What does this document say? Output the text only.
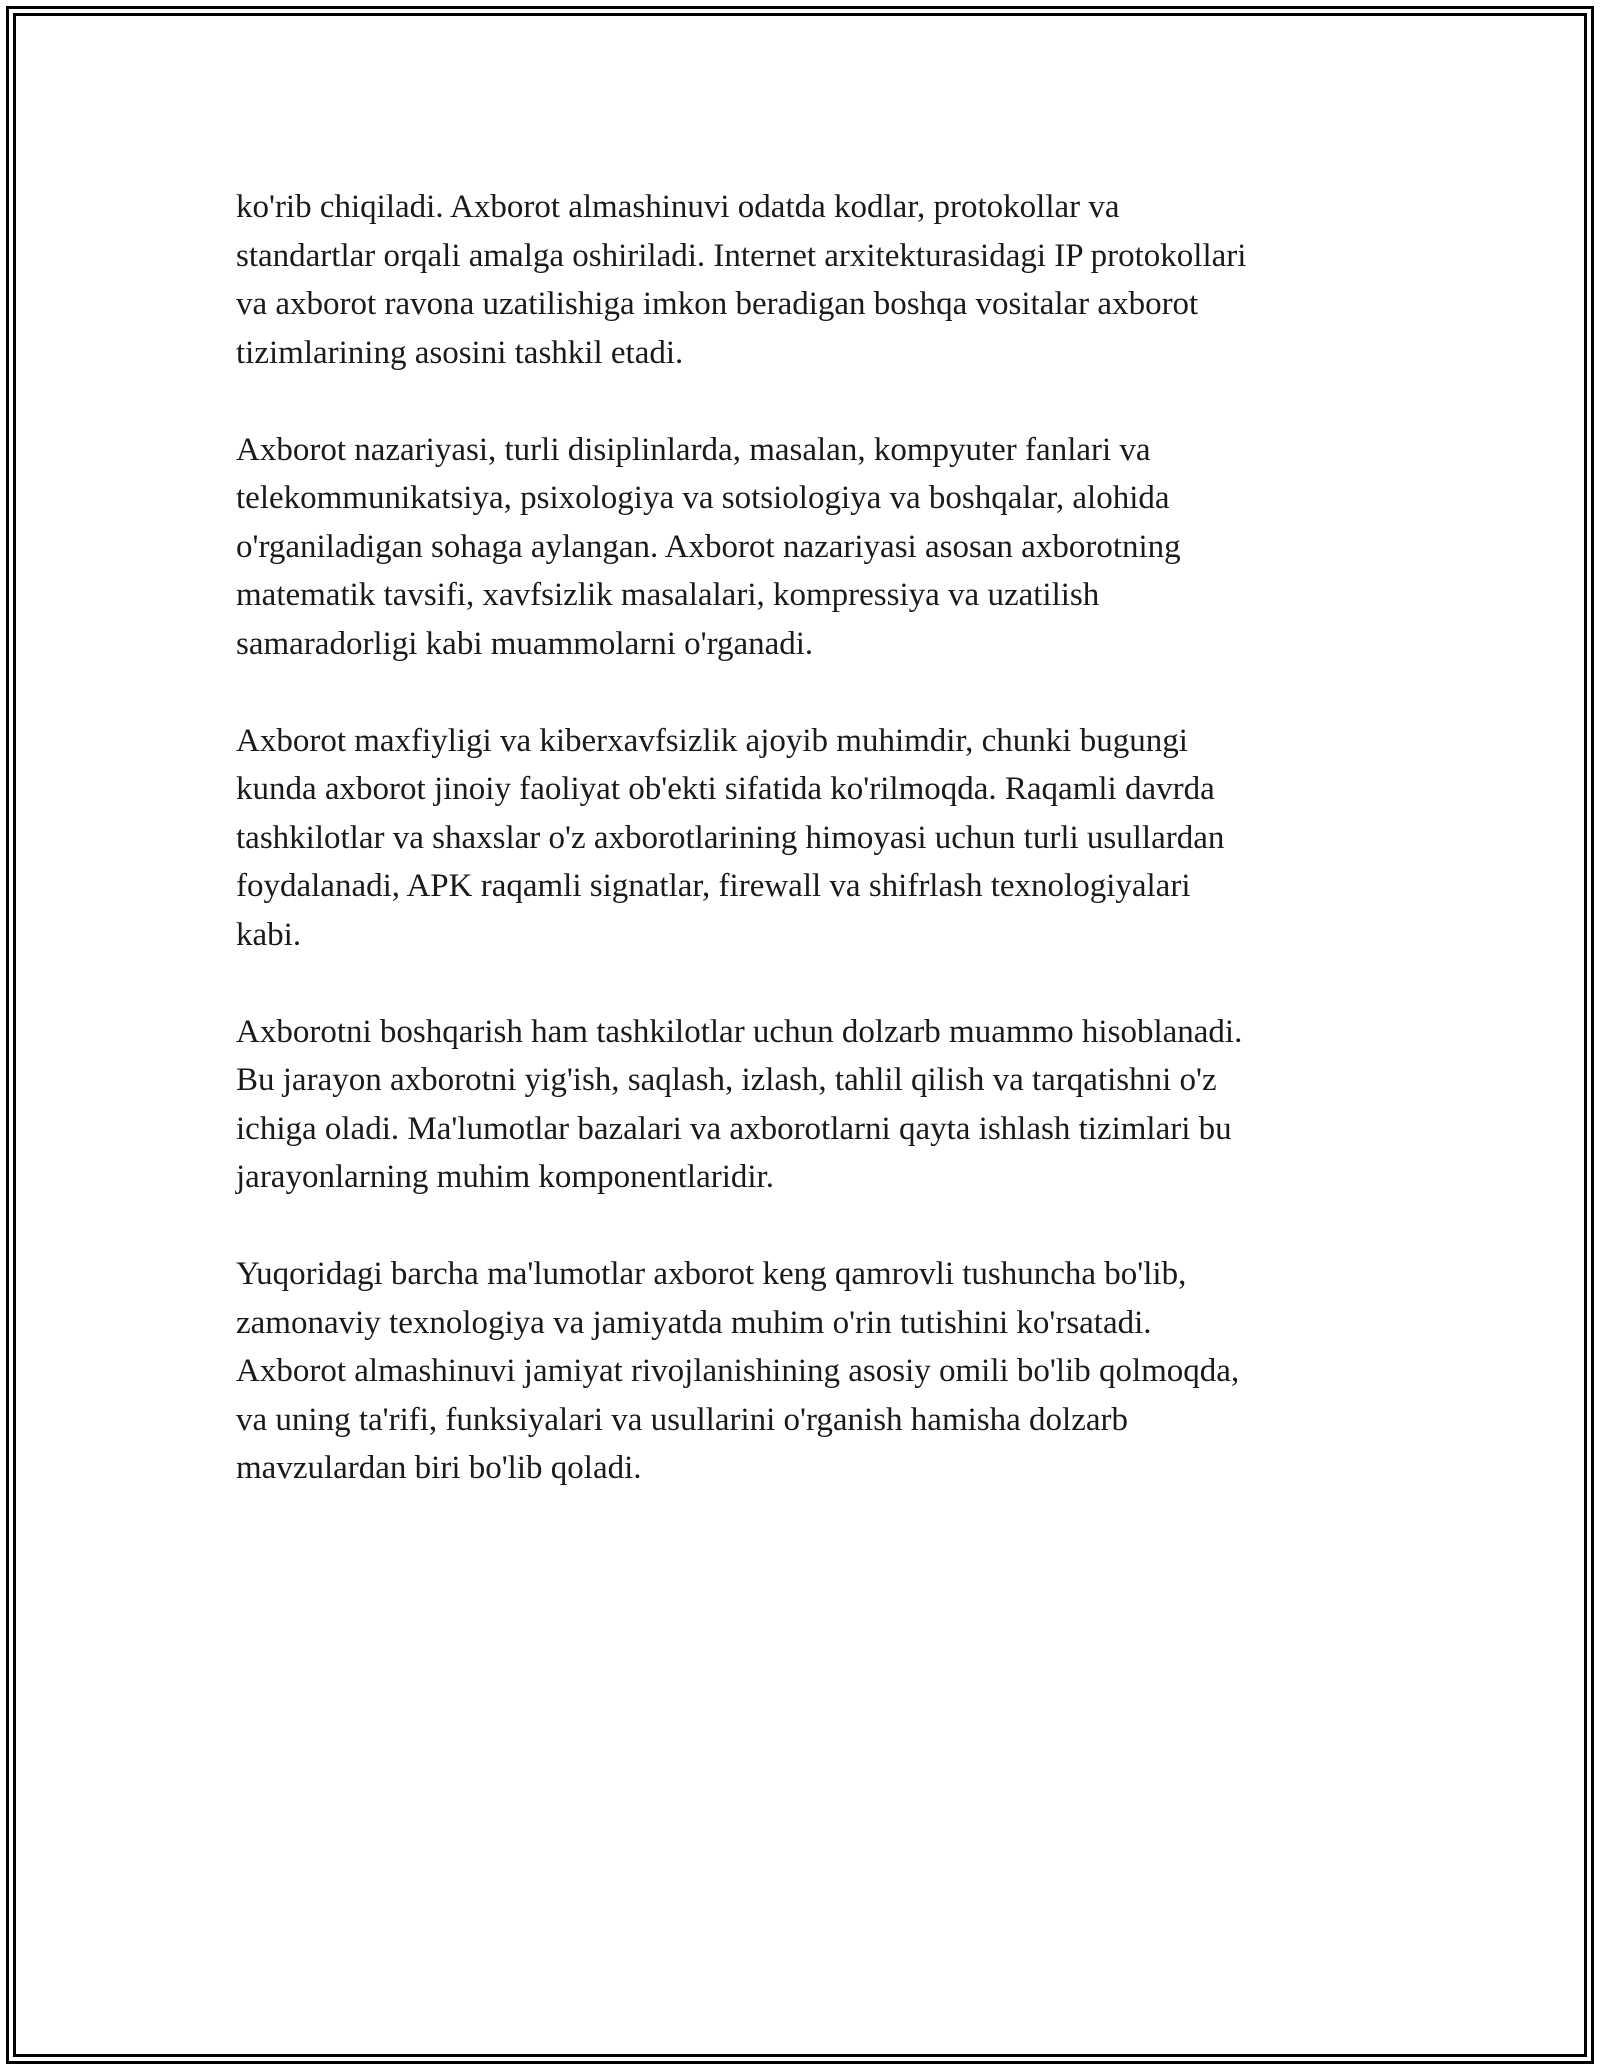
ko'rib chiqiladi. Axborot almashinuvi odatda kodlar, protokollar va
standartlar orqali amalga oshiriladi. Internet arxitekturasidagi IP protokollari
va axborot ravona uzatilishiga imkon beradigan boshqa vositalar axborot
tizimlarining asosini tashkil etadi.

Axborot nazariyasi, turli disiplinlarda, masalan, kompyuter fanlari va
telekommunikatsiya, psixologiya va sotsiologiya va boshqalar, alohida
o'rganiladigan sohaga aylangan. Axborot nazariyasi asosan axborotning
matematik tavsifi, xavfsizlik masalalari, kompressiya va uzatilish
samaradorligi kabi muammolarni o'rganadi.

Axborot maxfiyligi va kiberxavfsizlik ajoyib muhimdir, chunki bugungi
kunda axborot jinoiy faoliyat ob'ekti sifatida ko'rilmoqda. Raqamli davrda
tashkilotlar va shaxslar o'z axborotlarining himoyasi uchun turli usullardan
foydalanadi, APK raqamli signatlar, firewall va shifrlash texnologiyalari
kabi.

Axborotni boshqarish ham tashkilotlar uchun dolzarb muammo hisoblanadi.
Bu jarayon axborotni yig'ish, saqlash, izlash, tahlil qilish va tarqatishni o'z
ichiga oladi. Ma'lumotlar bazalari va axborotlarni qayta ishlash tizimlari bu
jarayonlarning muhim komponentlaridir.

Yuqoridagi barcha ma'lumotlar axborot keng qamrovli tushuncha bo'lib,
zamonaviy texnologiya va jamiyatda muhim o'rin tutishini ko'rsatadi.
Axborot almashinuvi jamiyat rivojlanishining asosiy omili bo'lib qolmoqda,
va uning ta'rifi, funksiyalari va usullarini o'rganish hamisha dolzarb
mavzulardan biri bo'lib qoladi.
